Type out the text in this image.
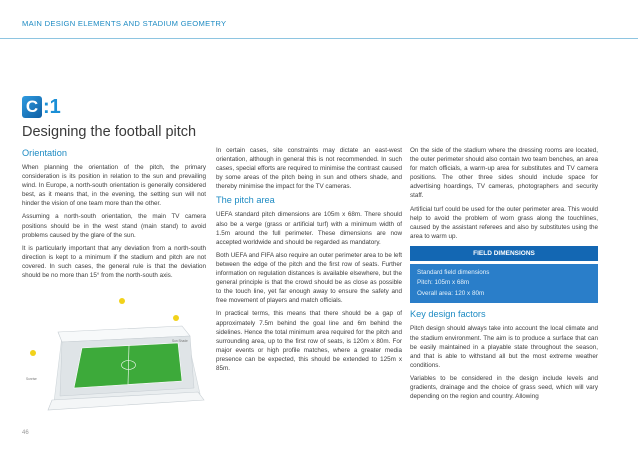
MAIN DESIGN ELEMENTS AND STADIUM GEOMETRY
C :1
Designing the football pitch
Orientation

When planning the orientation of the pitch, the primary consideration is its position in relation to the sun and prevailing wind. In Europe, a north-south orientation is generally considered best, as it means that, in the evening, the setting sun will not hinder the vision of one team more than the other.

Assuming a north-south orientation, the main TV camera positions should be in the west stand (main stand) to avoid problems caused by the glare of the sun.

It is particularly important that any deviation from a north-south direction is kept to a minimum if the stadium and pitch are not covered. In such cases, the general rule is that the deviation should be no more than 15° from the north-south axis.

Sun Shade
Sunrise

In certain cases, site constraints may dictate an east-west orientation, although in general this is not recommended. In such cases, special efforts are required to minimise the contrast caused by some areas of the pitch being in sun and others shade, and thereby minimise the impact for the TV cameras.

The pitch area

UEFA standard pitch dimensions are 105m x 68m. There should also be a verge (grass or artificial turf) with a minimum width of 1.5m around the full perimeter. These dimensions are now accepted worldwide and should be regarded as mandatory.

Both UEFA and FIFA also require an outer perimeter area to be left between the edge of the pitch and the first row of seats. Further information on regulation distances is available elsewhere, but the general principle is that the crowd should be as close as possible to the touch line, yet far enough away to ensure the safety and free movement of players and match officials.

In practical terms, this means that there should be a gap of approximately 7.5m behind the goal line and 6m behind the sidelines. Hence the total minimum area required for the pitch and surrounding area, up to the first row of seats, is 120m x 80m. For major events or high profile matches, where a greater media presence can be expected, this should be extended to 125m x 85m.

On the side of the stadium where the dressing rooms are located, the outer perimeter should also contain two team benches, an area for match officials, a warm-up area for substitutes and TV camera positions. The other three sides should include space for advertising hoardings, TV cameras, photographers and security staff.

Artificial turf could be used for the outer perimeter area. This would help to avoid the problem of worn grass along the touchlines, caused by the assistant referees and also by substitutes using the area to warm up.

FIELD DIMENSIONS
Standard field dimensions
Pitch: 105m x 68m
Overall area: 120 x 80m
Key design factors

Pitch design should always take into account the local climate and the stadium environment. The aim is to produce a surface that can be easily maintained in a playable state throughout the season, and that is able to withstand all but the most extreme weather conditions.

Variables to be considered in the design include levels and gradients, drainage and the choice of grass seed, which will vary depending on the region and country. Allowing

46
